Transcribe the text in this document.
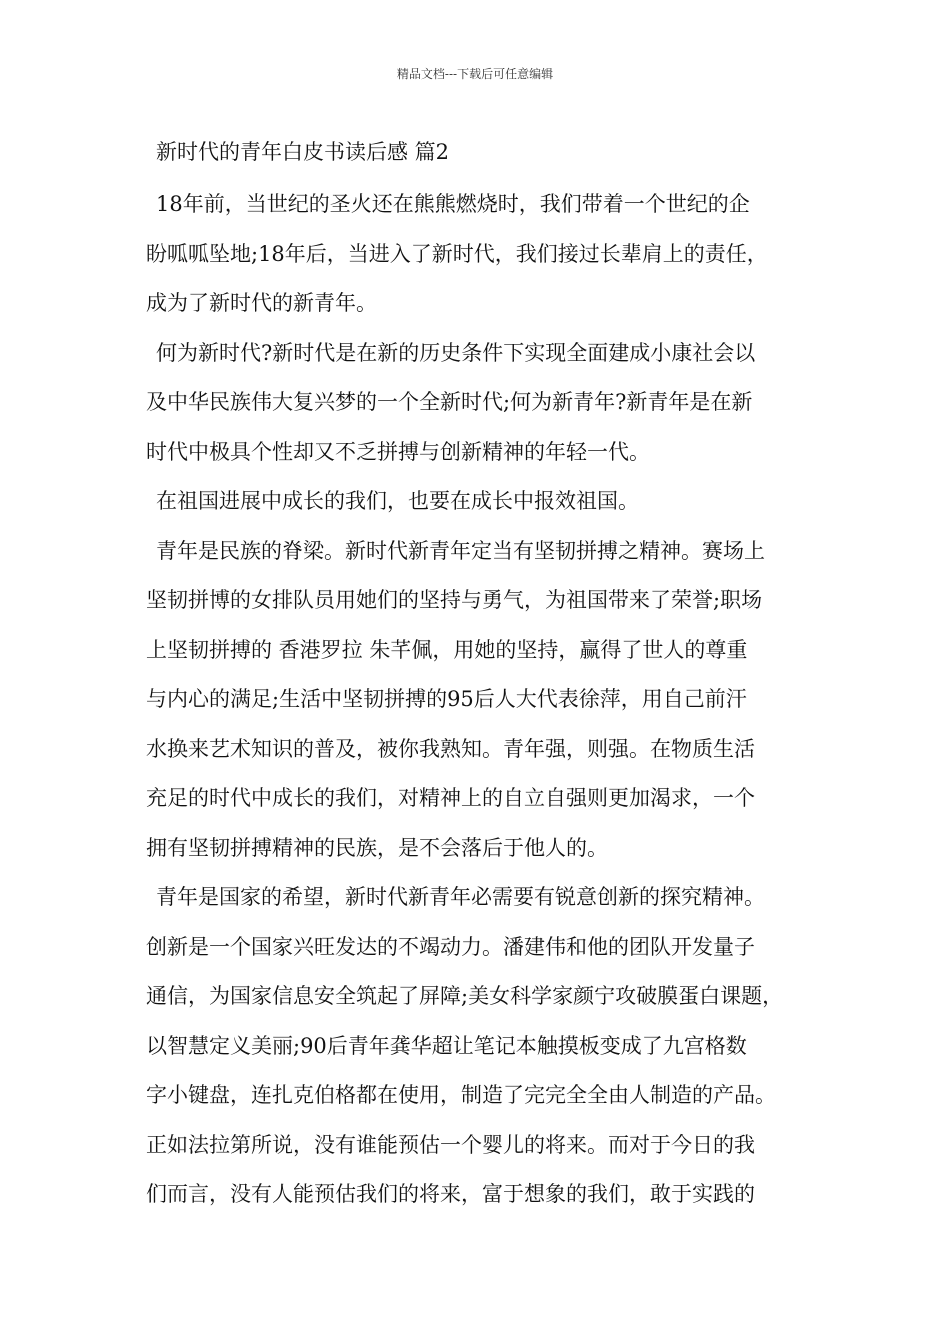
精品文档---下载后可任意编辑
新时代的青年白皮书读后感 篇2
18年前，当世纪的圣火还在熊熊燃烧时，我们带着一个世纪的企
盼呱呱坠地;18年后，当进入了新时代，我们接过长辈肩上的责任，
成为了新时代的新青年。
何为新时代?新时代是在新的历史条件下实现全面建成小康社会以
及中华民族伟大复兴梦的一个全新时代;何为新青年?新青年是在新
时代中极具个性却又不乏拼搏与创新精神的年轻一代。
在祖国进展中成长的我们，也要在成长中报效祖国。
青年是民族的脊梁。新时代新青年定当有坚韧拼搏之精神。赛场上
坚韧拼博的女排队员用她们的坚持与勇气，为祖国带来了荣誉;职场
上坚韧拼搏的 香港罗拉 朱芊佩，用她的坚持，赢得了世人的尊重
与内心的满足;生活中坚韧拼搏的95后人大代表徐萍，用自己前汗
水换来艺术知识的普及，被你我熟知。青年强，则强。在物质生活
充足的时代中成长的我们，对精神上的自立自强则更加渴求，一个
拥有坚韧拼搏精神的民族，是不会落后于他人的。
青年是国家的希望，新时代新青年必需要有锐意创新的探究精神。
创新是一个国家兴旺发达的不竭动力。潘建伟和他的团队开发量子
通信，为国家信息安全筑起了屏障;美女科学家颜宁攻破膜蛋白课题，
以智慧定义美丽;90后青年龚华超让笔记本触摸板变成了九宫格数
字小键盘，连扎克伯格都在使用，制造了完完全全由人制造的产品。
正如法拉第所说，没有谁能预估一个婴儿的将来。而对于今日的我
们而言，没有人能预估我们的将来，富于想象的我们，敢于实践的
